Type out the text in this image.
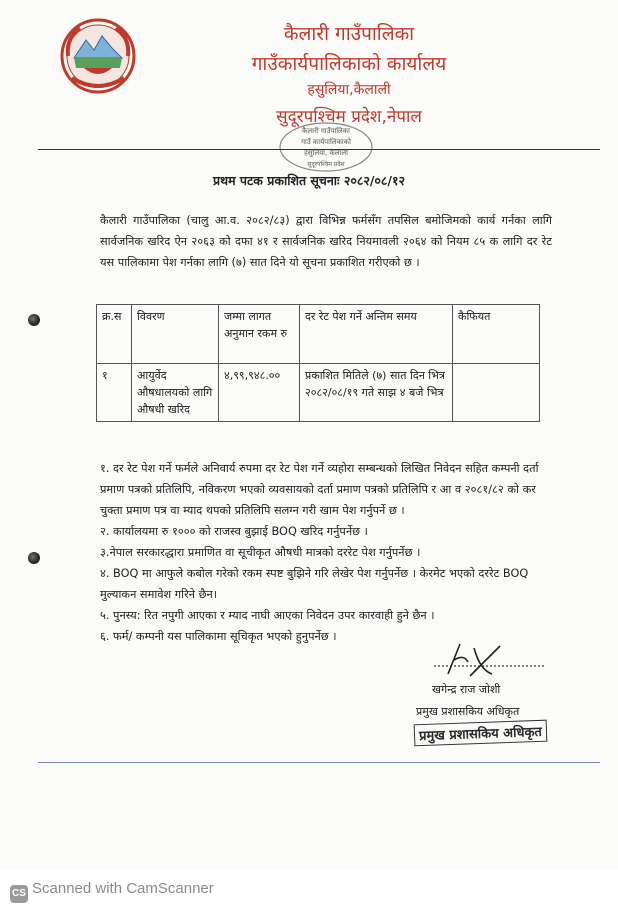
कैलारी गाउँपालिका
गाउँकार्यपालिकाको कार्यालय
हसुलिया,कैलाली
सुदूरपश्चिम प्रदेश,नेपाल
कैलारी गाउँपालिका
गाउँ कार्यपालिकाको
हसुलिया, कैलाली
सुदूरपश्चिम प्रदेश
प्रथम पटक प्रकाशित सूचनाः २०८२/०८/१२
कैलारी गाउँपालिका (चालु आ.व. २०८२/८३) द्वारा विभिन्न फर्मसँग तपसिल बमोजिमको कार्य गर्नका लागि सार्वजनिक खरिद ऐन २०६३ को दफा ४१ र सार्वजनिक खरिद नियमावली २०६४ को नियम ८५ क लागि दर रेट यस पालिकामा पेश गर्नका लागि (७) सात दिने यो सूचना प्रकाशित गरीएको छ ।
क्र.स	विवरण	जम्मा लागत अनुमान रकम रु	दर रेट पेश गर्ने अन्तिम समय	कैफियत
१	आयुर्वेद औषधालयको लागि औषधी खरिद	४,९९,९४८.००	प्रकाशित मितिले (७) सात दिन भित्र २०८२/०८/१९ गते साझ ४ बजे भित्र	

१. दर रेट पेश गर्ने फर्मले अनिवार्य रुपमा दर रेट पेश गर्ने व्यहोरा सम्बन्धको लिखित निवेदन सहित कम्पनी दर्ता प्रमाण पत्रको प्रतिलिपि, नविकरण भएको व्यवसायको दर्ता प्रमाण पत्रको प्रतिलिपि र आ व २०८१/८२ को कर चुक्ता प्रमाण पत्र वा म्याद थपको प्रतिलिपि सलग्न गरी खाम पेश गर्नुपर्ने छ ।

२. कार्यालयमा रु १००० को राजस्व बुझाई BOQ खरिद गर्नुपर्नेछ ।

३.नेपाल सरकारद्धारा प्रमाणित वा सूचीकृत औषधी मात्रको दररेट पेश गर्नुपर्नेछ ।

४. BOQ मा आफुले कबोल गरेको रकम स्पष्ट बुझिने गरि लेखेर पेश गर्नुपर्नेछ । केरमेट भएको दररेट BOQ मुल्याकन समावेश गरिने छैन।

५. पुनस्य: रित नपुगी आएका र म्याद नाघी आएका निवेदन उपर कारवाही हुने छैन ।

६. फर्म/ कम्पनी यस पालिकामा सूचिकृत भएको हुनुपर्नेछ ।

खगेन्द्र राज जोशी
प्रमुख प्रशासकिय अधिकृत
प्रमुख प्रशासकिय अधिकृत
CS Scanned with CamScanner
